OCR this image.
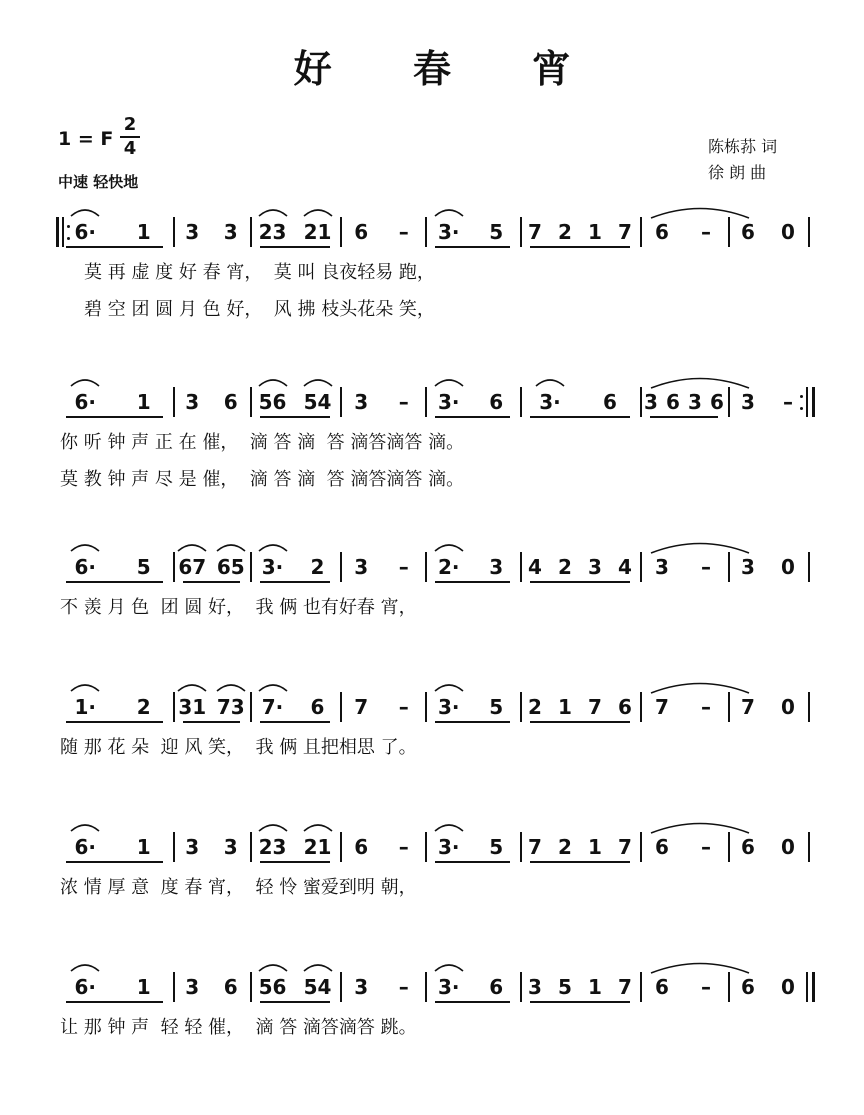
好 春 宵
1 = F
2
4
中速 轻快地
陈栋荪 词
徐 朗 曲
6·	1	3	3	23 21	6	–	3·	5	7 2 1 7	6	–	6	0
莫 再 虚 度 好 春 宵，  莫 叫 良夜轻易 跑，
碧 空 团 圆 月 色 好，  风 拂 枝头花朵 笑，
6·	1	3	6	56 54	3	–	3·	6	3·	6	3 6 3 6 3	–
你 听 钟 声 正 在 催，  滴 答 滴  答 滴答滴答 滴。
莫 教 钟 声 尽 是 催，  滴 答 滴  答 滴答滴答 滴。
6·	5	67 65 3·	2	3	–	2·	3	4 2 3 4	3	–	3	0
不 羡 月 色  团 圆 好，  我 俩 也有好春 宵，
1·	2	31 73 7·	6	7	–	3·	5	2 1 7 6	7	–	7	0
随 那 花 朵  迎 风 笑，  我 俩 且把相思 了。
6·	1	3	3	23 21	6	–	3·	5	7 2 1 7	6	–	6	0
浓 情 厚 意  度 春 宵，  轻 怜 蜜爱到明 朝，
6·	1	3	6	56 54	3	–	3·	6	3 5 1 7	6	–	6	0
让 那 钟 声  轻 轻 催，  滴 答 滴答滴答 跳。
